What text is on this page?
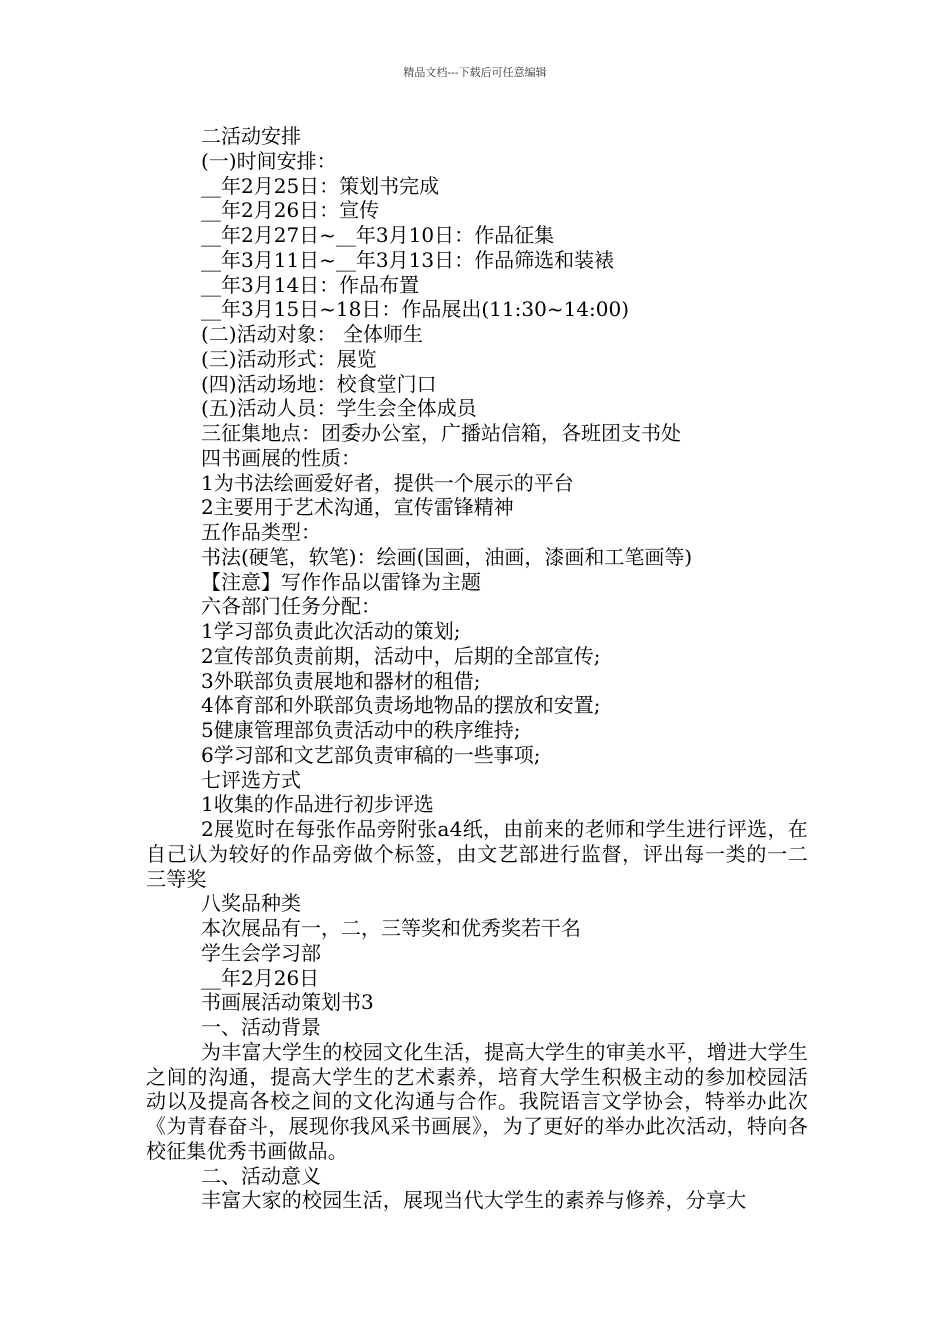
精品文档---下载后可任意编辑
二活动安排
(一)时间安排：
__年2月25日：策划书完成
__年2月26日：宣传
__年2月27日~__年3月10日：作品征集
__年3月11日~__年3月13日：作品筛选和装裱
__年3月14日：作品布置
__年3月15日~18日：作品展出(11:30~14:00)
(二)活动对象： 全体师生
(三)活动形式：展览
(四)活动场地：校食堂门口
(五)活动人员：学生会全体成员
三征集地点：团委办公室，广播站信箱，各班团支书处
四书画展的性质：
1为书法绘画爱好者，提供一个展示的平台
2主要用于艺术沟通，宣传雷锋精神
五作品类型：
书法(硬笔，软笔)：绘画(国画，油画，漆画和工笔画等)
【注意】写作作品以雷锋为主题
六各部门任务分配：
1学习部负责此次活动的策划;
2宣传部负责前期，活动中，后期的全部宣传;
3外联部负责展地和器材的租借;
4体育部和外联部负责场地物品的摆放和安置;
5健康管理部负责活动中的秩序维持;
6学习部和文艺部负责审稿的一些事项;
七评选方式
1收集的作品进行初步评选
2展览时在每张作品旁附张a4纸，由前来的老师和学生进行评选，在自己认为较好的作品旁做个标签，由文艺部进行监督，评出每一类的一二三等奖
八奖品种类
本次展品有一，二，三等奖和优秀奖若干名
学生会学习部
__年2月26日
书画展活动策划书3
一、活动背景
为丰富大学生的校园文化生活，提高大学生的审美水平，增进大学生之间的沟通，提高大学生的艺术素养，培育大学生积极主动的参加校园活动以及提高各校之间的文化沟通与合作。我院语言文学协会，特举办此次《为青春奋斗，展现你我风采书画展》，为了更好的举办此次活动，特向各校征集优秀书画做品。
二、活动意义
丰富大家的校园生活，展现当代大学生的素养与修养，分享大
